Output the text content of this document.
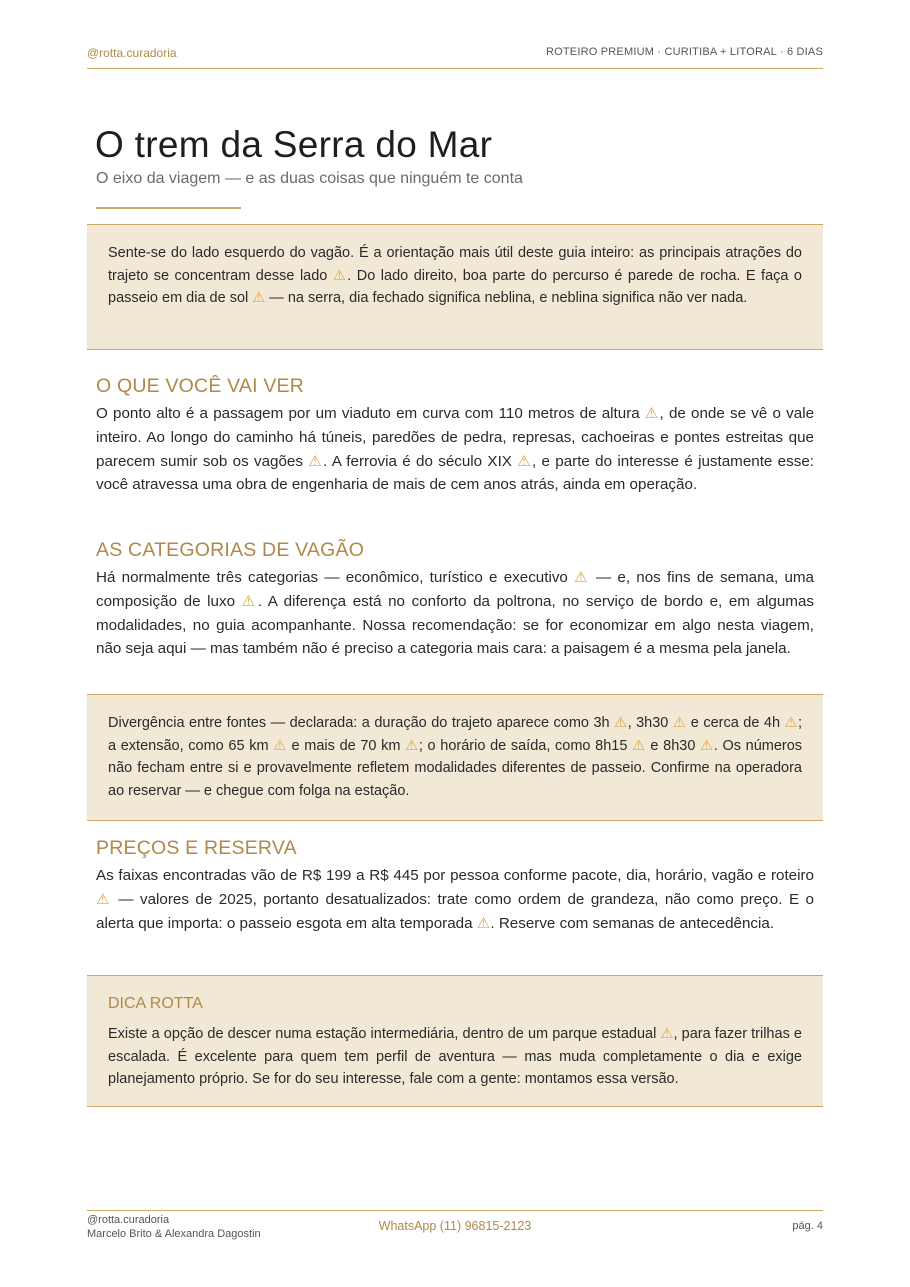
@rotta.curadoria	ROTEIRO PREMIUM · CURITIBA + LITORAL · 6 DIAS
O trem da Serra do Mar
O eixo da viagem — e as duas coisas que ninguém te conta

Sente-se do lado esquerdo do vagão. É a orientação mais útil deste guia inteiro: as principais atrações do trajeto se concentram desse lado ⚠. Do lado direito, boa parte do percurso é parede de rocha. E faça o passeio em dia de sol ⚠ — na serra, dia fechado significa neblina, e neblina significa não ver nada.

O QUE VOCÊ VAI VER

O ponto alto é a passagem por um viaduto em curva com 110 metros de altura ⚠, de onde se vê o vale inteiro. Ao longo do caminho há túneis, paredões de pedra, represas, cachoeiras e pontes estreitas que parecem sumir sob os vagões ⚠. A ferrovia é do século XIX ⚠, e parte do interesse é justamente esse: você atravessa uma obra de engenharia de mais de cem anos atrás, ainda em operação.

AS CATEGORIAS DE VAGÃO

Há normalmente três categorias — econômico, turístico e executivo ⚠ — e, nos fins de semana, uma composição de luxo ⚠. A diferença está no conforto da poltrona, no serviço de bordo e, em algumas modalidades, no guia acompanhante. Nossa recomendação: se for economizar em algo nesta viagem, não seja aqui — mas também não é preciso a categoria mais cara: a paisagem é a mesma pela janela.

Divergência entre fontes — declarada: a duração do trajeto aparece como 3h ⚠, 3h30 ⚠ e cerca de 4h ⚠; a extensão, como 65 km ⚠ e mais de 70 km ⚠; o horário de saída, como 8h15 ⚠ e 8h30 ⚠. Os números não fecham entre si e provavelmente refletem modalidades diferentes de passeio. Confirme na operadora ao reservar — e chegue com folga na estação.

PREÇOS E RESERVA

As faixas encontradas vão de R$ 199 a R$ 445 por pessoa conforme pacote, dia, horário, vagão e roteiro ⚠ — valores de 2025, portanto desatualizados: trate como ordem de grandeza, não como preço. E o alerta que importa: o passeio esgota em alta temporada ⚠. Reserve com semanas de antecedência.

DICA ROTTA

Existe a opção de descer numa estação intermediária, dentro de um parque estadual ⚠, para fazer trilhas e escalada. É excelente para quem tem perfil de aventura — mas muda completamente o dia e exige planejamento próprio. Se for do seu interesse, fale com a gente: montamos essa versão.

@rotta.curadoria
Marcelo Brito & Alexandra Dagostin
WhatsApp (11) 96815-2123	pág. 4
